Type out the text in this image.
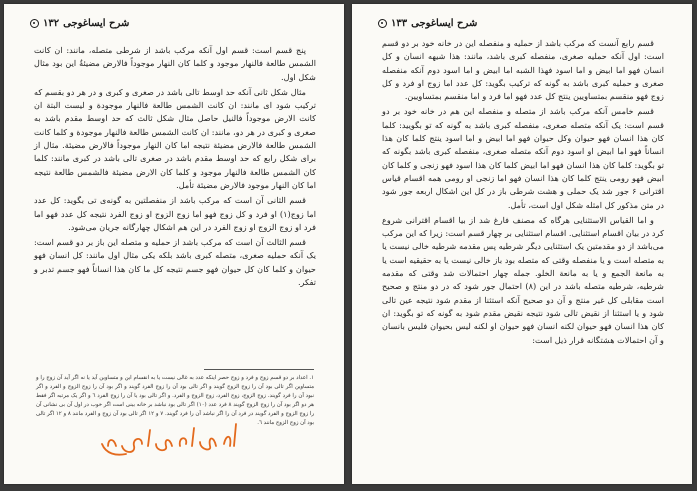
١٣٢ شرح ایساغوجی

پنج قسم است: قسم اول آنکه مرکب باشد از شرطی متصله، مانند: ان کانت الشمس طالعة فالنهار موجود و کلما کان النهار موجوداً فالارض مضیئةٌ این بود مثال شکل اول.

مثال شکل ثانی آنکه حد اوسط تالی باشد در صغری و کبری و در هر دو بقسم که ترکیب شود ای مانند: ان کانت الشمس طالعة فالنهار موجودة و لیست البتة ان کانت الارض موجوداً فالنیل حاصل مثال شکل ثالث که حد اوسط مقدم باشد به صغری و کبری در هر دو، مانند: ان کانت الشمس طالعة فالنهار موجودة و کلما کانت الشمس طالعة فالارض مضیئة نتیجه اما کان النهار موجوداً فالارض مضیئة. مثال از برای شکل رابع که حد اوسط مقدم باشد در صغری تالی باشد در کبری مانند: کلما کان الشمس طالعة فالنهار موجود و کلما کان الارض مضیئة فالشمس طالعة نتیجه اما کان النهار موجود فالارض مضیئة تأمل.

قسم الثانی آن است که مرکب باشد از منفصلتین به گونه‌ی تی بگوید: کل عدد اما زوج(١) او فرد و کل زوج فهو اما زوج الزوج او زوج الفرد نتیجه کل عدد فهو اما فرد او زوج الزوج او زوج الفرد در این هم اشکال چهارگانه جریان می‌شود.

قسم الثالث آن است که مرکب باشد از حملیه و متصله این باز بر دو قسم است: یک آنکه حملیه صغری، متصله کبری باشد بلکه یکی مثال اول مانند: کل انسان فهو حیوان و کلما کان کل حیوان فهو جسم نتیجه کل ما کان هذا انساناً فهو جسم تدبر و تفکر.

١. اعداد بر دو قسم زوج و فرد و زوج حصر اینکه عدد به غالی نیست یا به انقسام این و متساوین آید یا نه اگر آید آن زوج را و متساوین اگر تالی بود آن را زوج الزوج گویند و اگر تالی بود آن را زوج الفرد گویند و اگر بود آن را زوج الزوج و الفرد و اگر نبود آن را فرد گویند. زوج الزوج، زوج الفرد، زوج الزوج و الفرد. و اگر تالی بود یا آن را زوج الفرد ٦ و اگر یک مرتبه اگر فقط هر دو اگر بود آن را زوج الزوج گویند ٨ فرد عدد (١٠) اگر تالی بود نباشد بر خانه بینی است اگر خوب در اول آن بی نشانی آن را زوج الزوج و الفرد گویند در فرد آن را اگر نباشد آن را فرد گویند. ٧ و ١٢ اگر تالی بود آن زوج و الفرد مانند ٨ و ١٢ اگر تالی بود آن زوج الزوج مانند ٦.
١٣٣ شرح ایساغوجی

قسم رابع آنست که مرکب باشد از حملیه و منفصله این در خانه خود بر دو قسم است: اول آنکه حملیه صغری، منفصله کبری باشد، مانند: هذا شیهه انسان و کل انسان فهو اما ابیض و اما اسود فهذا الشبه اما ابیض و اما اسود دوم آنکه منفصله صغری و حملیه کبری باشد به گونه که ترکیب بگوید: کل عدد اما زوج او فرد و کل زوج فهو منقسم بمتساویین ینتج کل عدد فهو اما فرد و اما منقسم بمتساویین.

قسم خامس آنکه مرکب باشد از متصله و منفصله این هم در خانه خود بر دو قسم است: یک آنکه متصله صغری، منفصله کبری باشد به گونه که تو بگویید: کلما کان هذا انسان فهو حیوان وکل حیوان فهو اما ابیض و اما اسود ینتج کلما کان هذا انساناً فهو اما ابیض او اسود دوم آنکه متصله صغری، منفصله کبری باشد بگونه که تو بگوید: کلما کان هذا انسان فهو اما ابیض کلما کان هذا اسود فهو زنجی و کلما کان ابیض فهو رومی ینتج کلما کان هذا انسان فهو اما زنجی او رومی همه اقسام قیاس اقترانی ۶ جور شد یک حملی و هشت شرطی باز در کل این اشکال اربعه جور شود در متن مذکور کل امثله شکل اول است، تأمل.

و اما القیاس الاستثنایی هرگاه که مصنف فارغ شد از بیا اقسام اقترانی شروع کرد در بیان اقسام استثنایی. اقسام استثنایی بر چهار قسم است: زیرا که این مرکب می‌باشد از دو مقدمتین یک استثنایی دیگر شرطیه پس مقدمه شرطیه خالی نیست یا به متصله است و یا منفصله وقتی که متصله بود باز خالی نیست یا به حقیقیه است یا به مانعة الجمع و یا به مانعة الخلو. جمله چهار احتمالات شد وقتی که مقدمه شرطیه، شرطیه متصله باشد در این (٨) احتمال جور شود که در دو منتج و صحیح است مقابلی کل غیر منتج و آن دو صحیح آنکه استثنا از مقدم شود نتیجه عین تالی شود و یا استثنا از نقیض تالی شود نتیجه نقیض مقدم شود به گونه که تو بگوید: ان کان هذا انسان فهو حیوان لکنه انسان فهو حیوان او لکنه لیس بحیوان فلیس بانسان و آن احتمالات هشتگانه قرار ذیل است:
